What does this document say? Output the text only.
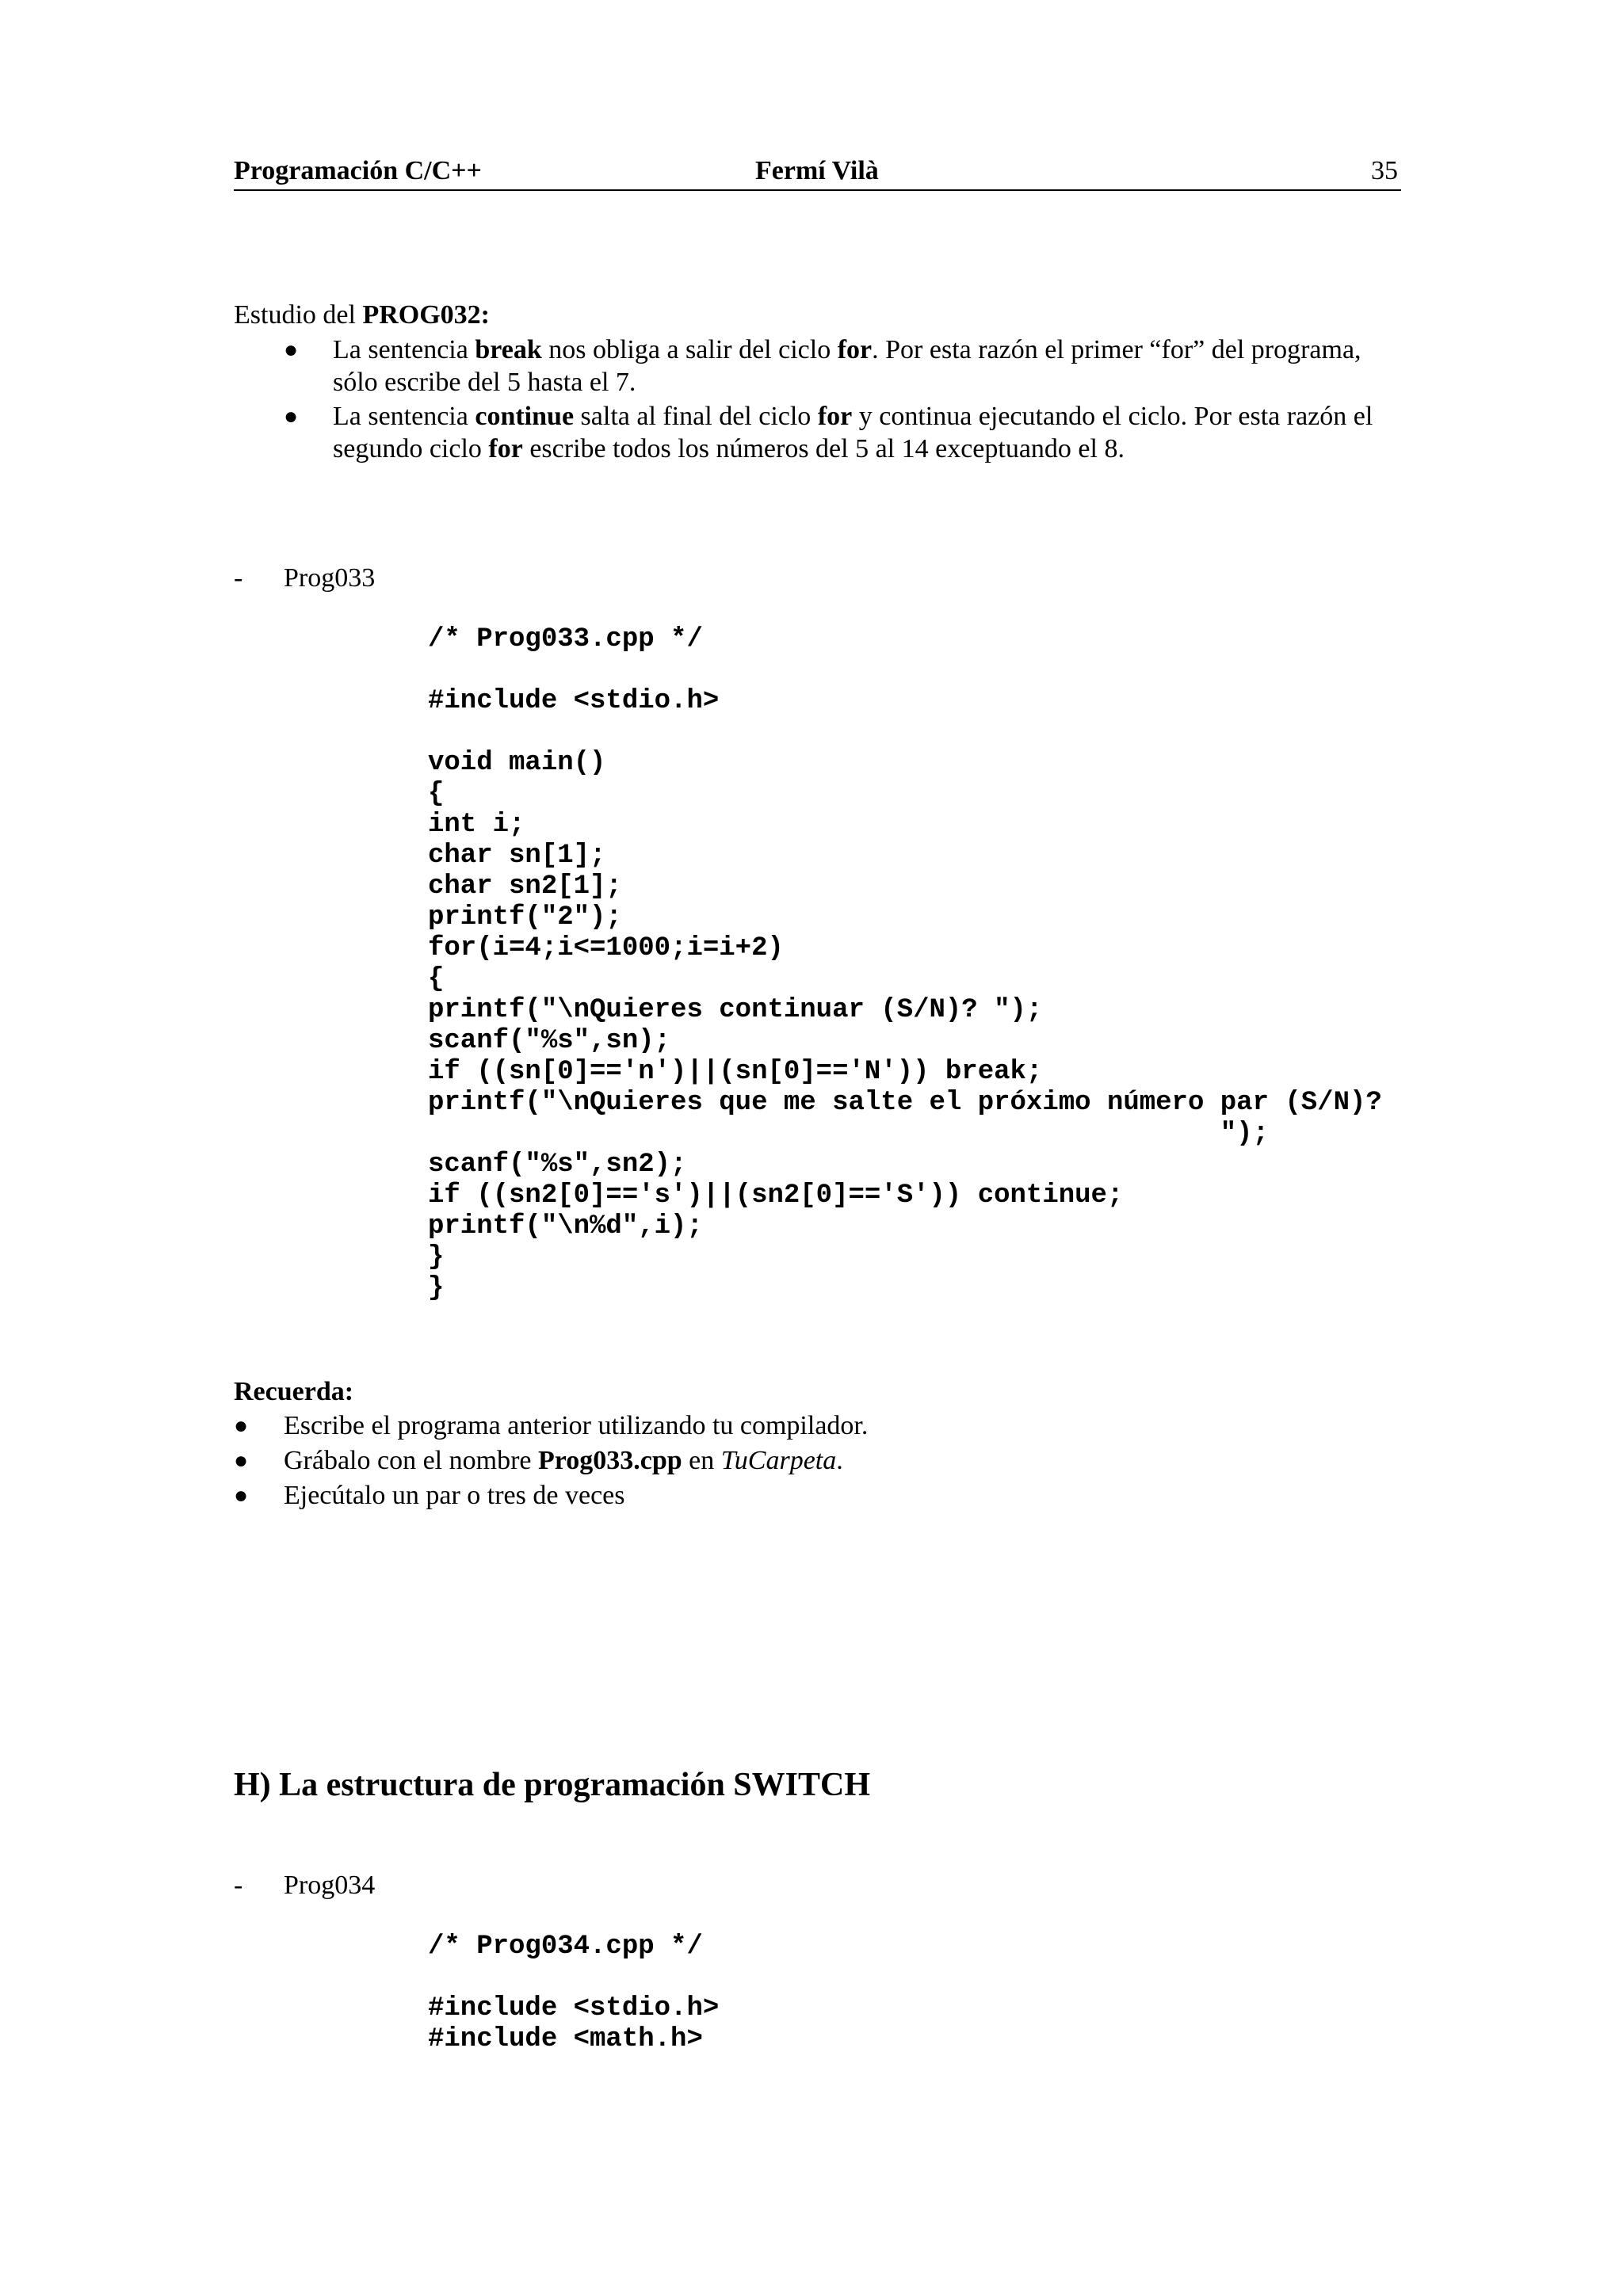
Programación C/C++	Fermí Vilà	35
Estudio del PROG032:
● La sentencia break nos obliga a salir del ciclo for. Por esta razón el primer “for” del programa,
sólo escribe del 5 hasta el 7.
● La sentencia continue salta al final del ciclo for y continua ejecutando el ciclo. Por esta razón el
segundo ciclo for escribe todos los números del 5 al 14 exceptuando el 8.
- Prog033
/* Prog033.cpp */

#include <stdio.h>

void main()
{
int i;
char sn[1];
char sn2[1];
printf("2");
for(i=4;i<=1000;i=i+2)
{
printf("\nQuieres continuar (S/N)? ");
scanf("%s",sn);
if ((sn[0]=='n')||(sn[0]=='N')) break;
printf("\nQuieres que me salte el próximo número par (S/N)?
");
scanf("%s",sn2);
if ((sn2[0]=='s')||(sn2[0]=='S')) continue;
printf("\n%d",i);
}
}
Recuerda:
● Escribe el programa anterior utilizando tu compilador.
● Grábalo con el nombre Prog033.cpp en TuCarpeta.
● Ejecútalo un par o tres de veces
H) La estructura de programación SWITCH
- Prog034
/* Prog034.cpp */

#include <stdio.h>
#include <math.h>
